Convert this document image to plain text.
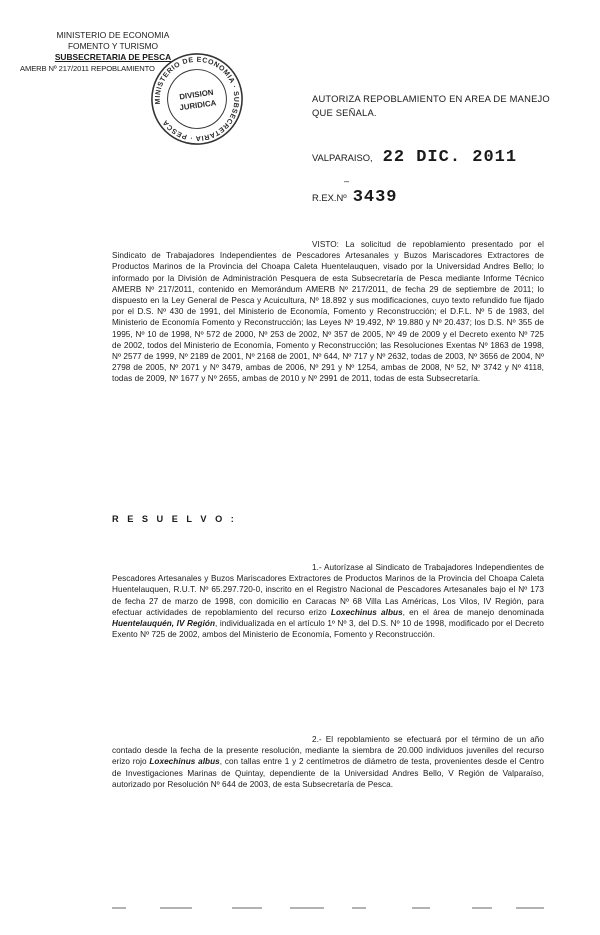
MINISTERIO DE ECONOMIA
FOMENTO Y TURISMO
SUBSECRETARIA DE PESCA
AMERB Nº 217/2011 REPOBLAMIENTO
MINISTERIO DE ECONOMIA · SUBSECRETARIA · PESCA
DIVISION
JURIDICA	AUTORIZA REPOBLAMIENTO EN AREA DE MANEJO QUE SEÑALA.
VALPARAISO, 22 DIC. 2011
–
R.EX.Nº 3439
VISTO: La solicitud de repoblamiento presentado por el Sindicato de Trabajadores Independientes de Pescadores Artesanales y Buzos Mariscadores Extractores de Productos Marinos de la Provincia del Choapa Caleta Huentelauquen, visado por la Universidad Andres Bello; lo informado por la División de Administración Pesquera de esta Subsecretaría de Pesca mediante Informe Técnico AMERB Nº 217/2011, contenido en Memorándum AMERB Nº 217/2011, de fecha 29 de septiembre de 2011; lo dispuesto en la Ley General de Pesca y Acuicultura, Nº 18.892 y sus modificaciones, cuyo texto refundido fue fijado por el D.S. Nº 430 de 1991, del Ministerio de Economía, Fomento y Reconstrucción; el D.F.L. Nº 5 de 1983, del Ministerio de Economía Fomento y Reconstrucción; las Leyes Nº 19.492, Nº 19.880 y Nº 20.437; los D.S. Nº 355 de 1995, Nº 10 de 1998, Nº 572 de 2000, Nº 253 de 2002, Nº 357 de 2005, Nº 49 de 2009 y el Decreto exento Nº 725 de 2002, todos del Ministerio de Economía, Fomento y Reconstrucción; las Resoluciones Exentas Nº 1863 de 1998, Nº 2577 de 1999, Nº 2189 de 2001, Nº 2168 de 2001, Nº 644, Nº 717 y Nº 2632, todas de 2003, Nº 3656 de 2004, Nº 2798 de 2005, Nº 2071 y Nº 3479, ambas de 2006, Nº 291 y Nº 1254, ambas de 2008, Nº 52, Nº 3742 y Nº 4118, todas de 2009, Nº 1677 y Nº 2655, ambas de 2010 y Nº 2991 de 2011, todas de esta Subsecretaría.
R E S U E L V O :
1.- Autorízase al Sindicato de Trabajadores Independientes de Pescadores Artesanales y Buzos Mariscadores Extractores de Productos Marinos de la Provincia del Choapa Caleta Huentelauquen, R.U.T. Nº 65.297.720-0, inscrito en el Registro Nacional de Pescadores Artesanales bajo el Nº 173 de fecha 27 de marzo de 1998, con domicilio en Caracas Nº 68 Villa Las Américas, Los Vilos, IV Región, para efectuar actividades de repoblamiento del recurso erizo Loxechinus albus, en el área de manejo denominada Huentelauquén, IV Región, individualizada en el artículo 1º Nº 3, del D.S. Nº 10 de 1998, modificado por el Decreto Exento Nº 725 de 2002, ambos del Ministerio de Economía, Fomento y Reconstrucción.
2.- El repoblamiento se efectuará por el término de un año contado desde la fecha de la presente resolución, mediante la siembra de 20.000 individuos juveniles del recurso erizo rojo Loxechinus albus, con tallas entre 1 y 2 centímetros de diámetro de testa, provenientes desde el Centro de Investigaciones Marinas de Quintay, dependiente de la Universidad Andres Bello, V Región de Valparaíso, autorizado por Resolución Nº 644 de 2003, de esta Subsecretaría de Pesca.
